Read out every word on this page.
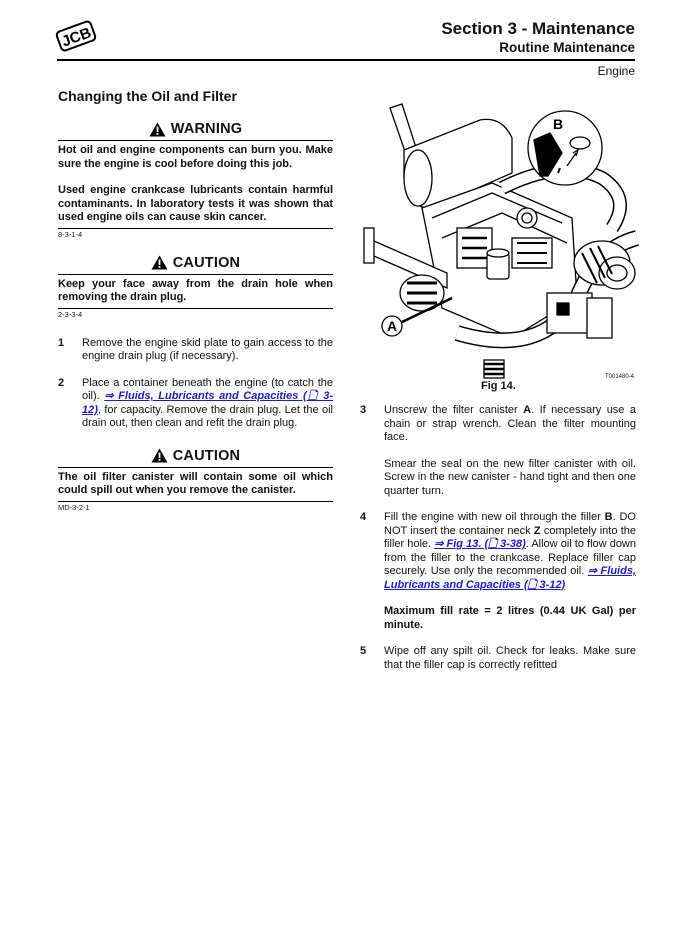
JCB	Section 3 - Maintenance
Routine Maintenance
Engine
Changing the Oil and Filter
WARNING

Hot oil and engine components can burn you. Make sure the engine is cool before doing this job.

Used engine crankcase lubricants contain harmful contaminants. In laboratory tests it was shown that used engine oils can cause skin cancer.

8-3-1-4
CAUTION

Keep your face away from the drain hole when removing the drain plug.

2-3-3-4
1	Remove the engine skid plate to gain access to the engine drain plug (if necessary).
2	Place a container beneath the engine (to catch the oil). ⇒ Fluids, Lubricants and Capacities (🗋 3-12), for capacity. Remove the drain plug. Let the oil drain out, then clean and refit the drain plug.
CAUTION

The oil filter canister will contain some oil which could spill out when you remove the canister.

MD-3-2-1
A
B
T001480-4
Fig 14.
3	Unscrew the filter canister A. If necessary use a chain or strap wrench. Clean the filter mounting face.

Smear the seal on the new filter canister with oil. Screw in the new canister - hand tight and then one quarter turn.

4	Fill the engine with new oil through the filler B. DO NOT insert the container neck Z completely into the filler hole. ⇒ Fig 13. (🗋 3-38). Allow oil to flow down from the filler to the crankcase. Replace filler cap securely. Use only the recommended oil. ⇒ Fluids, Lubricants and Capacities (🗋 3-12)

Maximum fill rate = 2 litres (0.44 UK Gal) per minute.

5	Wipe off any spilt oil. Check for leaks. Make sure that the filler cap is correctly refitted
